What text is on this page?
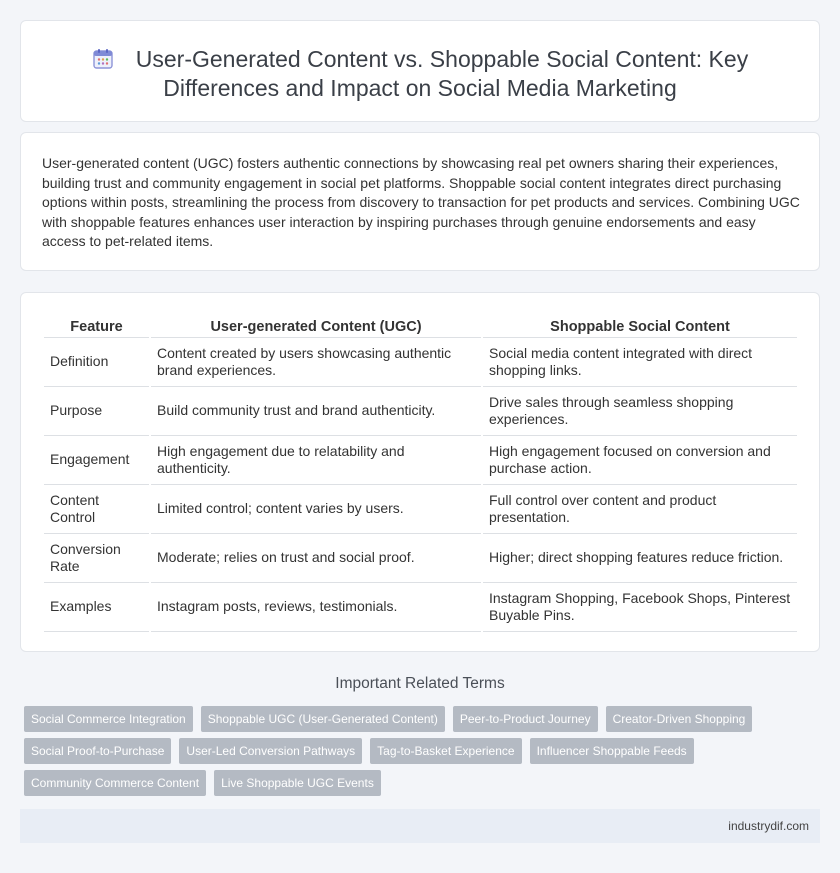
User-Generated Content vs. Shoppable Social Content: Key
Differences and Impact on Social Media Marketing

User-generated content (UGC) fosters authentic connections by showcasing real pet owners sharing their experiences, building trust and community engagement in social pet platforms. Shoppable social content integrates direct purchasing options within posts, streamlining the process from discovery to transaction for pet products and services. Combining UGC with shoppable features enhances user interaction by inspiring purchases through genuine endorsements and easy access to pet-related items.

Feature	User-generated Content (UGC)	Shoppable Social Content
Definition	Content created by users showcasing authentic brand experiences.	Social media content integrated with direct shopping links.
Purpose	Build community trust and brand authenticity.	Drive sales through seamless shopping experiences.
Engagement	High engagement due to relatability and authenticity.	High engagement focused on conversion and purchase action.
Content Control	Limited control; content varies by users.	Full control over content and product presentation.
Conversion Rate	Moderate; relies on trust and social proof.	Higher; direct shopping features reduce friction.
Examples	Instagram posts, reviews, testimonials.	Instagram Shopping, Facebook Shops, Pinterest Buyable Pins.
Important Related Terms
Social Commerce Integration	Shoppable UGC (User-Generated Content)	Peer-to-Product Journey	Creator-Driven Shopping
Social Proof-to-Purchase	User-Led Conversion Pathways	Tag-to-Basket Experience	Influencer Shoppable Feeds
Community Commerce Content	Live Shoppable UGC Events
industrydif.com
